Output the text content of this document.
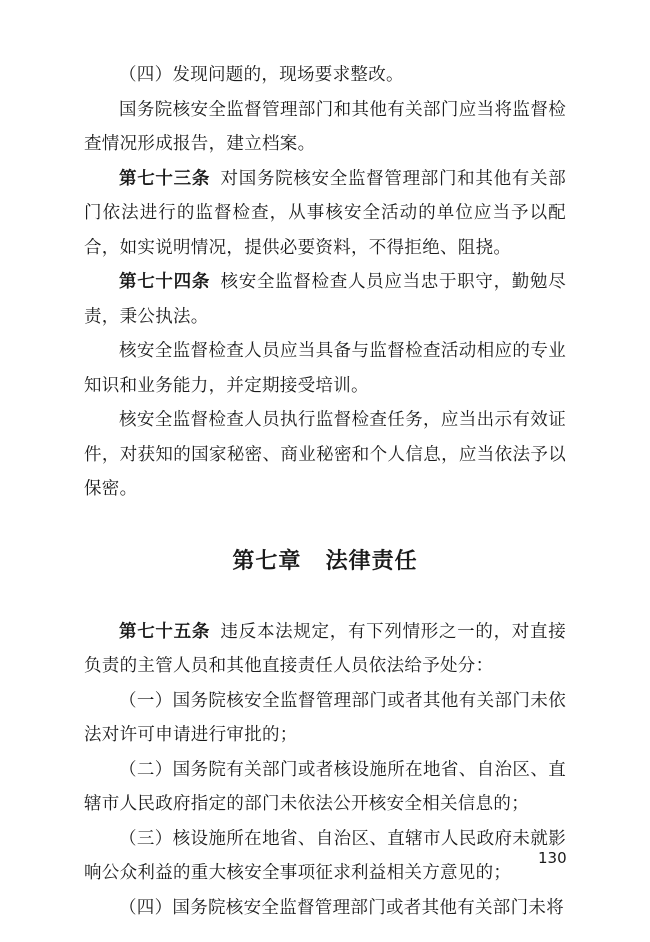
（四）发现问题的，现场要求整改。

国务院核安全监督管理部门和其他有关部门应当将监督检查情况形成报告，建立档案。

第七十三条 对国务院核安全监督管理部门和其他有关部门依法进行的监督检查，从事核安全活动的单位应当予以配合，如实说明情况，提供必要资料，不得拒绝、阻挠。

第七十四条 核安全监督检查人员应当忠于职守，勤勉尽责，秉公执法。

核安全监督检查人员应当具备与监督检查活动相应的专业知识和业务能力，并定期接受培训。

核安全监督检查人员执行监督检查任务，应当出示有效证件，对获知的国家秘密、商业秘密和个人信息，应当依法予以保密。

第七章 法律责任

第七十五条 违反本法规定，有下列情形之一的，对直接负责的主管人员和其他直接责任人员依法给予处分：

（一）国务院核安全监督管理部门或者其他有关部门未依法对许可申请进行审批的；

（二）国务院有关部门或者核设施所在地省、自治区、直辖市人民政府指定的部门未依法公开核安全相关信息的；

（三）核设施所在地省、自治区、直辖市人民政府未就影响公众利益的重大核安全事项征求利益相关方意见的；

（四）国务院核安全监督管理部门或者其他有关部门未将

130
